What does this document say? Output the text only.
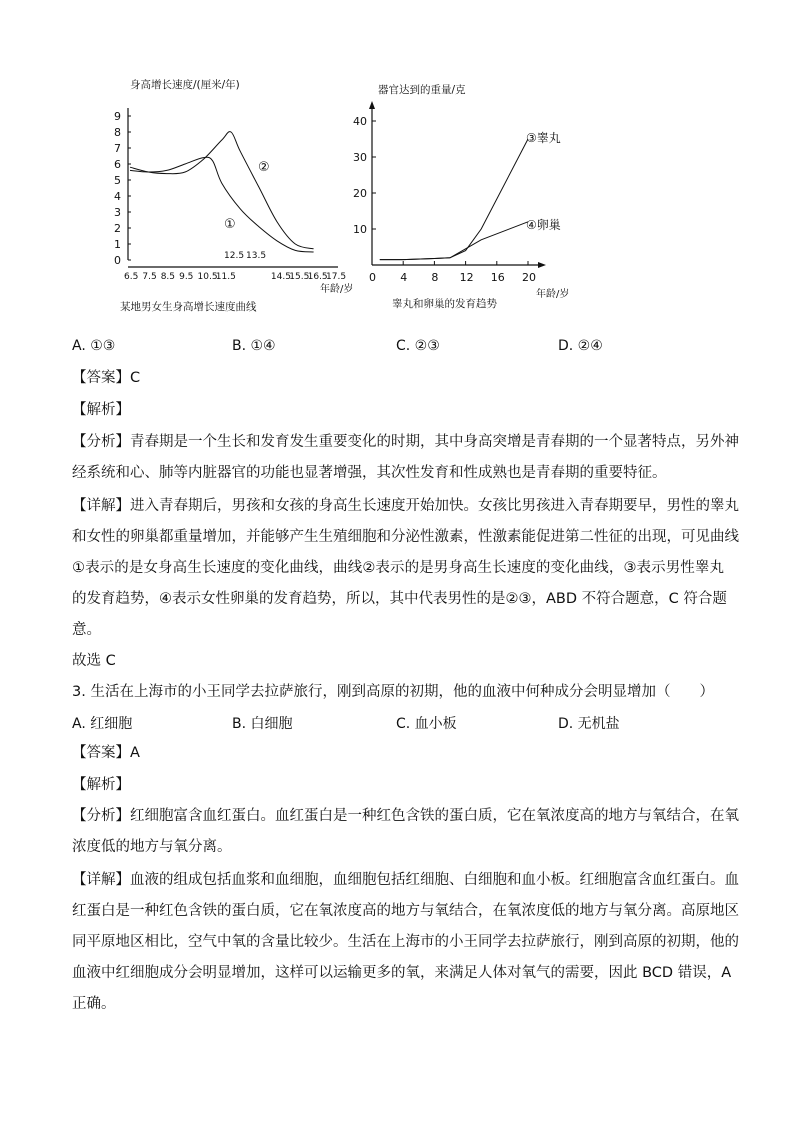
身高增长速度/(厘米/年)
0
1
2
3
4
5
6
7
8
9
6.5 7.5 8.5 9.5 10.5
11.5	14.5
15.5
16.5
17.5
①
②
12.5 13.5
年龄/岁
某地男女生身高增长速度曲线
器官达到的重量/克
10
20
30
40
0 4 8 12 16 20
③睾丸
④卵巢
年龄/岁
睾丸和卵巢的发育趋势
A. ①③	B. ①④	C. ②③	D. ②④
【答案】C
【解析】
【分析】青春期是一个生长和发育发生重要变化的时期，其中身高突增是青春期的一个显著特点，另外神
经系统和心、肺等内脏器官的功能也显著增强，其次性发育和性成熟也是青春期的重要特征。
【详解】进入青春期后，男孩和女孩的身高生长速度开始加快。女孩比男孩进入青春期要早，男性的睾丸
和女性的卵巢都重量增加，并能够产生生殖细胞和分泌性激素，性激素能促进第二性征的出现，可见曲线
①表示的是女身高生长速度的变化曲线，曲线②表示的是男身高生长速度的变化曲线，③表示男性睾丸
的发育趋势，④表示女性卵巢的发育趋势，所以，其中代表男性的是②③，ABD 不符合题意，C 符合题
意。
故选 C
3. 生活在上海市的小王同学去拉萨旅行，刚到高原的初期，他的血液中何种成分会明显增加（　　）
A. 红细胞	B. 白细胞	C. 血小板	D. 无机盐
【答案】A
【解析】
【分析】红细胞富含血红蛋白。血红蛋白是一种红色含铁的蛋白质，它在氧浓度高的地方与氧结合，在氧
浓度低的地方与氧分离。
【详解】血液的组成包括血浆和血细胞，血细胞包括红细胞、白细胞和血小板。红细胞富含血红蛋白。血
红蛋白是一种红色含铁的蛋白质，它在氧浓度高的地方与氧结合，在氧浓度低的地方与氧分离。高原地区
同平原地区相比，空气中氧的含量比较少。生活在上海市的小王同学去拉萨旅行，刚到高原的初期，他的
血液中红细胞成分会明显增加，这样可以运输更多的氧，来满足人体对氧气的需要，因此 BCD 错误，A
正确。
